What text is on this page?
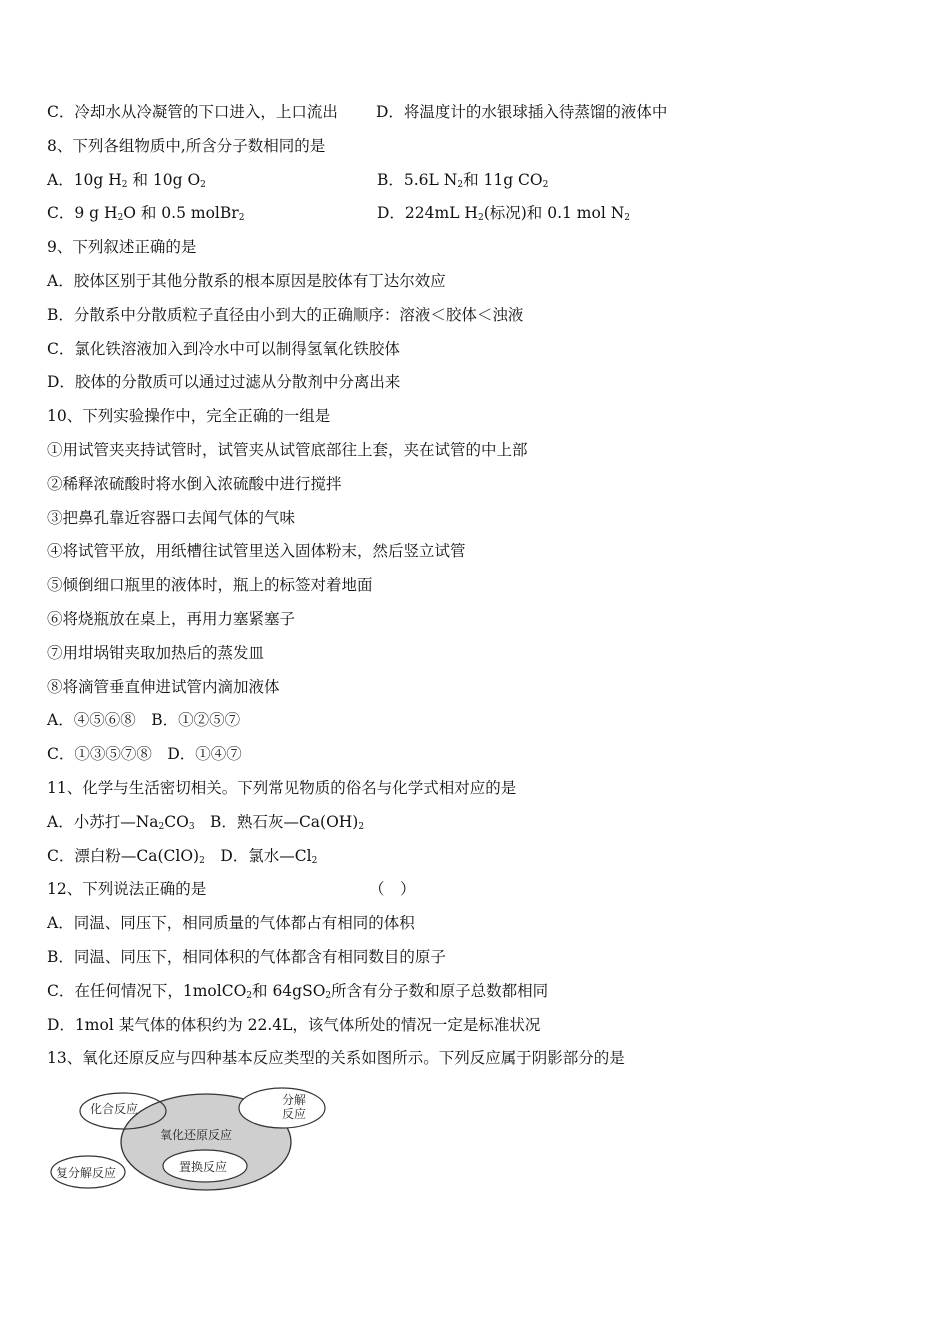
C．冷却水从冷凝管的下口进入，上口流出 D．将温度计的水银球插入待蒸馏的液体中
8、下列各组物质中,所含分子数相同的是
A．10g $H_2$ 和 10g $O_2$	B．5.6L $N_2$和 11g $CO_2$
C．9 g $H_2O$ 和 0.5 molBr$_2$	D．224mL $H_2$(标况)和 0.1 mol $N_2$
9、下列叙述正确的是
A．胶体区别于其他分散系的根本原因是胶体有丁达尔效应
B．分散系中分散质粒子直径由小到大的正确顺序：溶液＜胶体＜浊液
C．氯化铁溶液加入到冷水中可以制得氢氧化铁胶体
D．胶体的分散质可以通过过滤从分散剂中分离出来
10、下列实验操作中，完全正确的一组是
①用试管夹夹持试管时，试管夹从试管底部往上套，夹在试管的中上部
②稀释浓硫酸时将水倒入浓硫酸中进行搅拌
③把鼻孔靠近容器口去闻气体的气味
④将试管平放，用纸槽往试管里送入固体粉末，然后竖立试管
⑤倾倒细口瓶里的液体时，瓶上的标签对着地面
⑥将烧瓶放在桌上，再用力塞紧塞子
⑦用坩埚钳夹取加热后的蒸发皿
⑧将滴管垂直伸进试管内滴加液体
A．④⑤⑥⑧　B．①②⑤⑦
C．①③⑤⑦⑧　D．①④⑦
11、化学与生活密切相关。下列常见物质的俗名与化学式相对应的是
A．小苏打$—Na_2CO_3$　B．熟石灰$—Ca(OH)_2$
C．漂白粉$—Ca(ClO)_2$　D．氯水$—Cl_2$
12、下列说法正确的是	（　）
A．同温、同压下，相同质量的气体都占有相同的体积
B．同温、同压下，相同体积的气体都含有相同数目的原子
C．在任何情况下，1molCO$_2$和 64gSO$_2$所含有分子数和原子总数都相同
D．1mol 某气体的体积约为 22.4L，该气体所处的情况一定是标准状况
13、氧化还原反应与四种基本反应类型的关系如图所示。下列反应属于阴影部分的是
化合反应
分解
反应
氧化还原反应
置换反应
复分解反应
